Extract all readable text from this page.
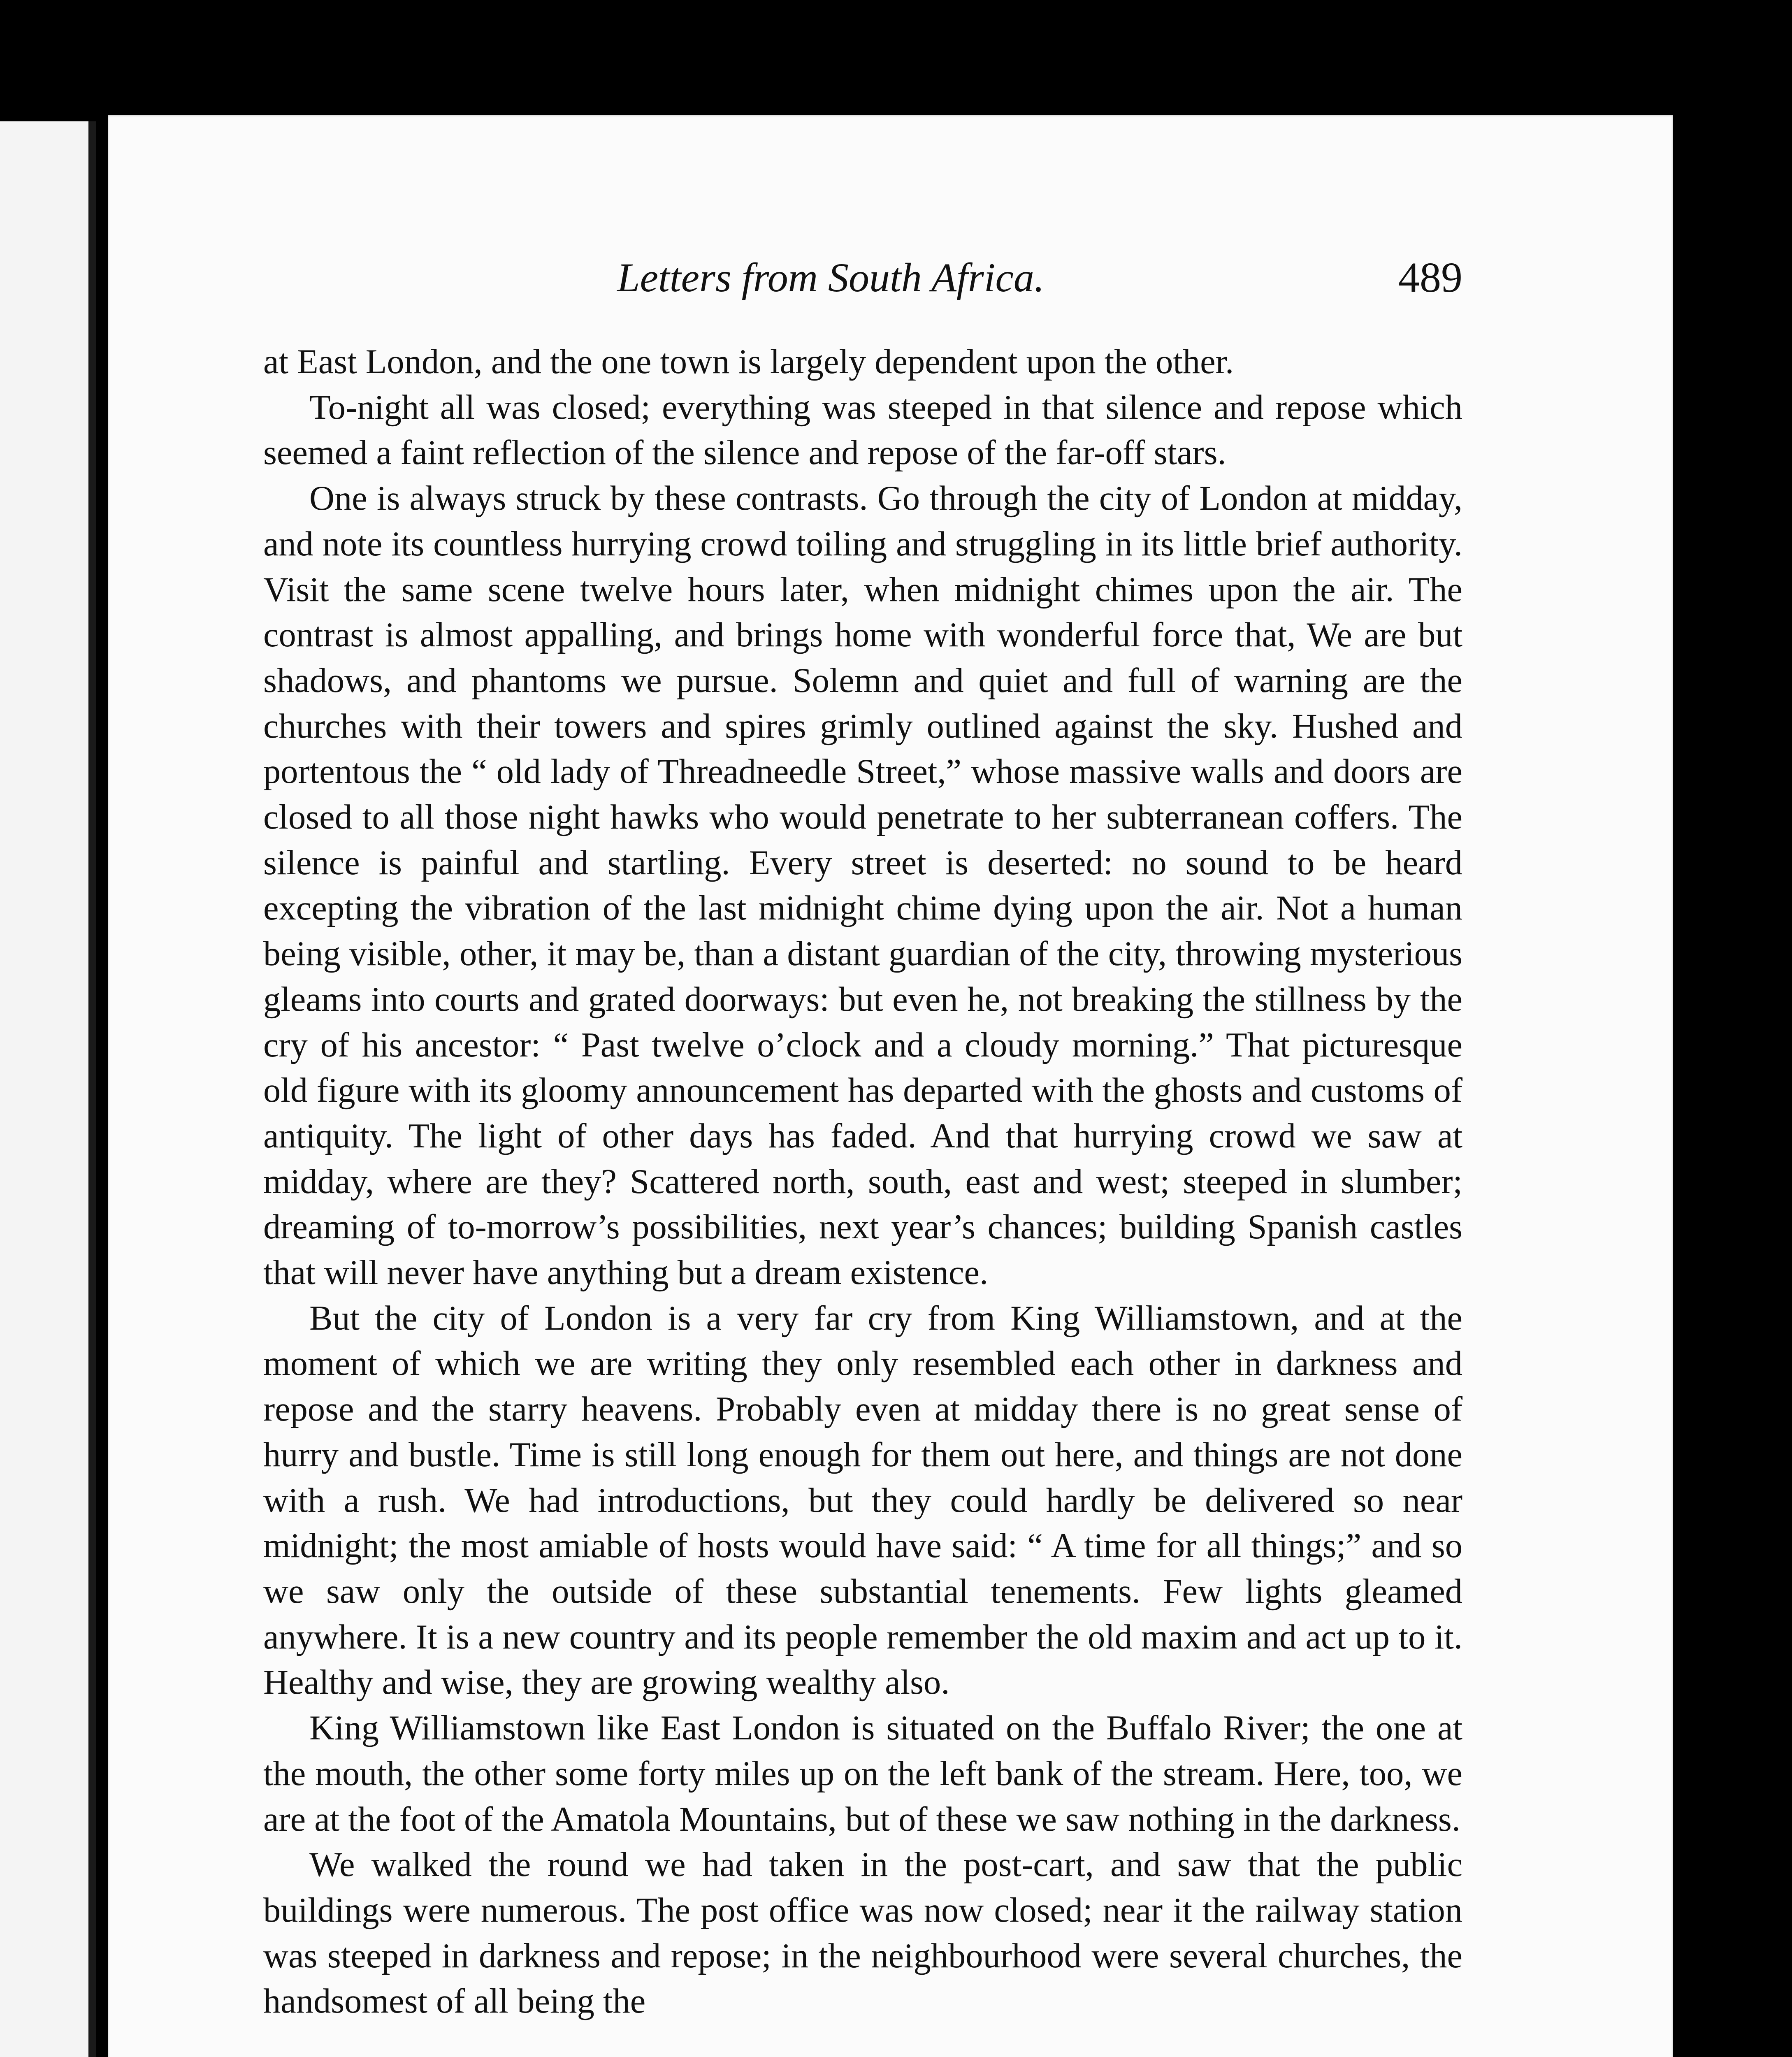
Letters from South Africa.	489

at East London, and the one town is largely dependent upon the other.

To-night all was closed; everything was steeped in that silence and repose which seemed a faint reflection of the silence and repose of the far-off stars.

One is always struck by these contrasts. Go through the city of London at midday, and note its countless hurrying crowd toiling and struggling in its little brief authority. Visit the same scene twelve hours later, when midnight chimes upon the air. The contrast is almost appalling, and brings home with wonderful force that, We are but shadows, and phantoms we pursue. Solemn and quiet and full of warning are the churches with their towers and spires grimly outlined against the sky. Hushed and portentous the “ old lady of Threadneedle Street,” whose massive walls and doors are closed to all those night hawks who would penetrate to her subterranean coffers. The silence is painful and startling. Every street is deserted: no sound to be heard excepting the vibration of the last midnight chime dying upon the air. Not a human being visible, other, it may be, than a distant guardian of the city, throwing mysterious gleams into courts and grated doorways: but even he, not breaking the stillness by the cry of his ancestor: “ Past twelve o’clock and a cloudy morning.” That picturesque old figure with its gloomy announcement has departed with the ghosts and customs of antiquity. The light of other days has faded. And that hurrying crowd we saw at midday, where are they? Scattered north, south, east and west; steeped in slumber; dreaming of to-morrow’s possibilities, next year’s chances; building Spanish castles that will never have anything but a dream existence.

But the city of London is a very far cry from King Williamstown, and at the moment of which we are writing they only resembled each other in darkness and repose and the starry heavens. Probably even at midday there is no great sense of hurry and bustle. Time is still long enough for them out here, and things are not done with a rush. We had introductions, but they could hardly be delivered so near midnight; the most amiable of hosts would have said: “ A time for all things;” and so we saw only the outside of these substantial tenements. Few lights gleamed anywhere. It is a new country and its people remember the old maxim and act up to it. Healthy and wise, they are growing wealthy also.

King Williamstown like East London is situated on the Buffalo River; the one at the mouth, the other some forty miles up on the left bank of the stream. Here, too, we are at the foot of the Amatola Mountains, but of these we saw nothing in the darkness.

We walked the round we had taken in the post-cart, and saw that the public buildings were numerous. The post office was now closed; near it the railway station was steeped in darkness and repose; in the neighbourhood were several churches, the handsomest of all being the
